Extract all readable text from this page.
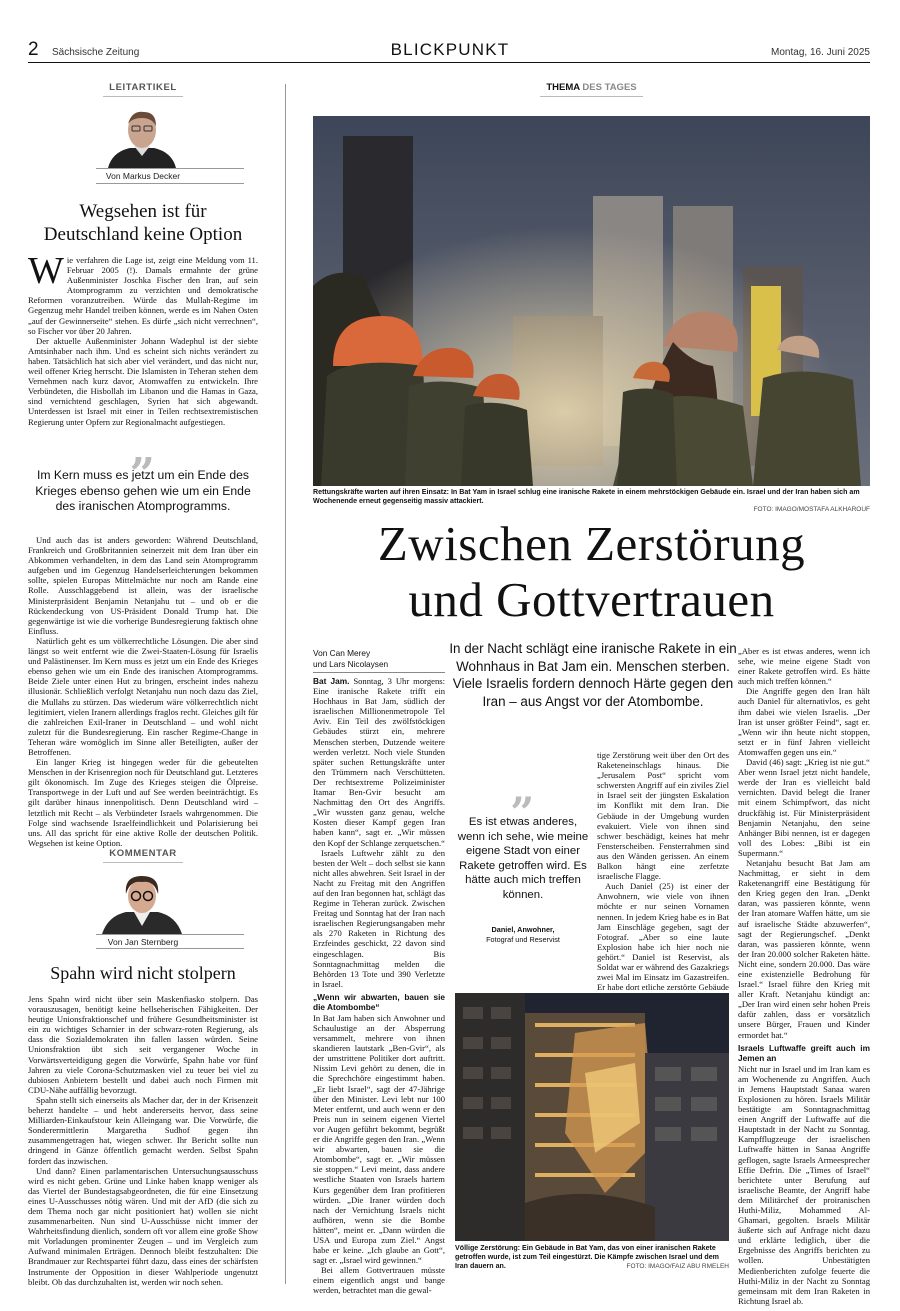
2 Sächsische Zeitung	BLICKPUNKT	Montag, 16. Juni 2025
LEITARTIKEL
Von Markus Decker
Wegsehen ist für Deutschland keine Option
W ie verfahren die Lage ist, zeigt eine Meldung vom 11. Februar 2005 (!). Damals ermahnte der grüne Außenminister Joschka Fischer den Iran, auf sein Atomprogramm zu verzichten und demokratische Reformen voranzutreiben. Würde das Mullah-Regime im Gegenzug mehr Handel treiben können, werde es im Nahen Osten „auf der Gewinnerseite“ stehen. Es dürfe „sich nicht verrechnen“, so Fischer vor über 20 Jahren.

Der aktuelle Außenminister Johann Wadephul ist der siebte Amtsinhaber nach ihm. Und es scheint sich nichts verändert zu haben. Tatsächlich hat sich aber viel verändert, und das nicht nur, weil offener Krieg herrscht. Die Islamisten in Teheran stehen dem Vernehmen nach kurz davor, Atomwaffen zu entwickeln. Ihre Verbündeten, die Hisbollah im Libanon und die Hamas in Gaza, sind vernichtend geschlagen, Syrien hat sich abgewandt. Unterdessen ist Israel mit einer in Teilen rechtsextremistischen Regierung unter Opfern zur Regionalmacht aufgestiegen.

„
Im Kern muss es jetzt um ein Ende des Krieges ebenso gehen wie um ein Ende des iranischen Atomprogramms.

Und auch das ist anders geworden: Während Deutschland, Frankreich und Großbritannien seinerzeit mit dem Iran über ein Abkommen verhandelten, in dem das Land sein Atomprogramm aufgeben und im Gegenzug Handelserleichterungen bekommen sollte, spielen Europas Mittelmächte nur noch am Rande eine Rolle. Ausschlaggebend ist allein, was der israelische Ministerpräsident Benjamin Netanjahu tut – und ob er die Rückendeckung von US-Präsident Donald Trump hat. Die gegenwärtige ist wie die vorherige Bundesregierung faktisch ohne Einfluss.

Natürlich geht es um völkerrechtliche Lösungen. Die aber sind längst so weit entfernt wie die Zwei-Staaten-Lösung für Israelis und Palästinenser. Im Kern muss es jetzt um ein Ende des Krieges ebenso gehen wie um ein Ende des iranischen Atomprogramms. Beide Ziele unter einen Hut zu bringen, erscheint indes nahezu illusionär. Schließlich verfolgt Netanjahu nun noch dazu das Ziel, die Mullahs zu stürzen. Das wiederum wäre völkerrechtlich nicht legitimiert, vielen Iranern allerdings fraglos recht. Gleiches gilt für die zahlreichen Exil-Iraner in Deutschland – und wohl nicht zuletzt für die Bundesregierung. Ein rascher Regime-Change in Teheran wäre womöglich im Sinne aller Beteiligten, außer der Betroffenen.

Ein langer Krieg ist hingegen weder für die gebeutelten Menschen in der Krisenregion noch für Deutschland gut. Letzteres gilt ökonomisch. Im Zuge des Krieges steigen die Ölpreise. Transportwege in der Luft und auf See werden beeinträchtigt. Es gilt darüber hinaus innenpolitisch. Denn Deutschland wird – letztlich mit Recht – als Verbündeter Israels wahrgenommen. Die Folge sind wachsende Israelfeindlichkeit und Polarisierung bei uns. All das spricht für eine aktive Rolle der deutschen Politik. Wegsehen ist keine Option.

KOMMENTAR
Von Jan Sternberg
Spahn wird nicht stolpern

Jens Spahn wird nicht über sein Maskenfiasko stolpern. Das vorauszusagen, benötigt keine hellseherischen Fähigkeiten. Der heutige Unionsfraktionschef und frühere Gesundheitsminister ist ein zu wichtiges Scharnier in der schwarz-roten Regierung, als dass die Sozialdemokraten ihn fallen lassen würden. Seine Unionsfraktion übt sich seit vergangener Woche in Vorwärtsverteidigung gegen die Vorwürfe, Spahn habe vor fünf Jahren zu viele Corona-Schutzmasken viel zu teuer bei viel zu dubiosen Anbietern bestellt und dabei auch noch Firmen mit CDU-Nähe auffällig bevorzugt.

Spahn stellt sich einerseits als Macher dar, der in der Krisenzeit beherzt handelte – und hebt andererseits hervor, dass seine Milliarden-Einkaufstour kein Alleingang war. Die Vorwürfe, die Sonderermittlerin Margaretha Sudhof gegen ihn zusammengetragen hat, wiegen schwer. Ihr Bericht sollte nun dringend in Gänze öffentlich gemacht werden. Selbst Spahn fordert das inzwischen.

Und dann? Einen parlamentarischen Untersuchungsausschuss wird es nicht geben. Grüne und Linke haben knapp weniger als das Viertel der Bundestagsabgeordneten, die für eine Einsetzung eines U-Ausschusses nötig wären. Und mit der AfD (die sich zu dem Thema noch gar nicht positioniert hat) wollen sie nicht zusammenarbeiten. Nun sind U-Ausschüsse nicht immer der Wahrheitsfindung dienlich, sondern oft vor allem eine große Show mit Vorladungen prominenter Zeugen – und im Vergleich zum Aufwand minimalen Erträgen. Dennoch bleibt festzuhalten: Die Brandmauer zur Rechtspartei führt dazu, dass eines der schärfsten Instrumente der Opposition in dieser Wahlperiode ungenutzt bleibt. Ob das durchzuhalten ist, werden wir noch sehen.

THEMA DES TAGES
Rettungskräfte warten auf ihren Einsatz: In Bat Yam in Israel schlug eine iranische Rakete in einem mehrstöckigen Gebäude ein. Israel und der Iran haben sich am Wochenende erneut gegenseitig massiv attackiert.
FOTO: IMAGO/MOSTAFA ALKHAROUF
Zwischen Zerstörung
und Gottvertrauen
Von Can Merey
und Lars Nicolaysen
In der Nacht schlägt eine iranische Rakete in ein Wohnhaus in Bat Jam ein. Menschen sterben. Viele Israelis fordern dennoch Härte gegen den Iran – aus Angst vor der Atombombe.

Bat Jam. Sonntag, 3 Uhr morgens: Eine iranische Rakete trifft ein Hochhaus in Bat Jam, südlich der israelischen Millionenmetropole Tel Aviv. Ein Teil des zwölfstöckigen Gebäudes stürzt ein, mehrere Menschen sterben, Dutzende weitere werden verletzt. Noch viele Stunden später suchen Rettungskräfte unter den Trümmern nach Verschütteten. Der rechtsextreme Polizeiminister Itamar Ben-Gvir besucht am Nachmittag den Ort des Angriffs. „Wir wussten ganz genau, welche Kosten dieser Kampf gegen Iran haben kann“, sagt er. „Wir müssen den Kopf der Schlange zerquetschen.“

Israels Luftwehr zählt zu den besten der Welt – doch selbst sie kann nicht alles abwehren. Seit Israel in der Nacht zu Freitag mit den Angriffen auf den Iran begonnen hat, schlägt das Regime in Teheran zurück. Zwischen Freitag und Sonntag hat der Iran nach israelischen Regierungsangaben mehr als 270 Raketen in Richtung des Erzfeindes geschickt, 22 davon sind eingeschlagen. Bis Sonntagnachmittag melden die Behörden 13 Tote und 390 Verletzte in Israel.

„Wenn wir abwarten, bauen sie die Atombombe“

In Bat Jam haben sich Anwohner und Schaulustige an der Absperrung versammelt, mehrere von ihnen skandieren lautstark „Ben-Gvir“, als der umstrittene Politiker dort auftritt. Nissim Levi gehört zu denen, die in die Sprechchöre eingestimmt haben. „Er liebt Israel“, sagt der 47-Jährige über den Minister. Levi lebt nur 100 Meter entfernt, und auch wenn er den Preis nun in seinem eigenen Viertel vor Augen geführt bekommt, begrüßt er die Angriffe gegen den Iran. „Wenn wir abwarten, bauen sie die Atombombe“, sagt er. „Wir müssen sie stoppen.“ Levi meint, dass andere westliche Staaten von Israels hartem Kurs gegenüber dem Iran profitieren würden. „Die Iraner würden doch nach der Vernichtung Israels nicht aufhören, wenn sie die Bombe hätten“, meint er. „Dann würden die USA und Europa zum Ziel.“ Angst habe er keine. „Ich glaube an Gott“, sagt er. „Israel wird gewinnen.“

Bei allem Gottvertrauen müsste einem eigentlich angst und bange werden, betrachtet man die gewal-

„
Es ist etwas anderes, wenn ich sehe, wie meine eigene Stadt von einer Rakete getroffen wird. Es hätte auch mich treffen können.
Daniel, Anwohner,
Fotograf und Reservist

tige Zerstörung weit über den Ort des Raketeneinschlags hinaus. Die „Jerusalem Post“ spricht vom schwersten Angriff auf ein ziviles Ziel in Israel seit der jüngsten Eskalation im Konflikt mit dem Iran. Die Gebäude in der Umgebung wurden evakuiert. Viele von ihnen sind schwer beschädigt, keines hat mehr Fensterscheiben. Fensterrahmen sind aus den Wänden gerissen. An einem Balkon hängt eine zerfetzte israelische Flagge.

Auch Daniel (25) ist einer der Anwohnern, wie viele von ihnen möchte er nur seinen Vornamen nennen. In jedem Krieg habe es in Bat Jam Einschläge gegeben, sagt der Fotograf. „Aber so eine laute Explosion habe ich hier noch nie gehört.“ Daniel ist Reservist, als Soldat war er während des Gazakriegs zwei Mal im Einsatz im Gazastreifen. Er habe dort etliche zerstörte Gebäude

„Aber es ist etwas anderes, wenn ich sehe, wie meine eigene Stadt von einer Rakete getroffen wird. Es hätte auch mich treffen können.“

Die Angriffe gegen den Iran hält auch Daniel für alternativlos, es geht ihm dabei wie vielen Israelis. „Der Iran ist unser größter Feind“, sagt er. „Wenn wir ihn heute nicht stoppen, setzt er in fünf Jahren vielleicht Atomwaffen gegen uns ein.“

David (46) sagt: „Krieg ist nie gut.“ Aber wenn Israel jetzt nicht handele, werde der Iran es vielleicht bald vernichten. David belegt die Iraner mit einem Schimpfwort, das nicht druckfähig ist. Für Ministerpräsident Benjamin Netanjahu, den seine Anhänger Bibi nennen, ist er dagegen voll des Lobes: „Bibi ist ein Supermann.“

Netanjahu besucht Bat Jam am Nachmittag, er sieht in dem Raketenangriff eine Bestätigung für den Krieg gegen den Iran. „Denkt daran, was passieren könnte, wenn der Iran atomare Waffen hätte, um sie auf israelische Städte abzuwerfen“, sagt der Regierungschef. „Denkt daran, was passieren könnte, wenn der Iran 20.000 solcher Raketen hätte. Nicht eine, sondern 20.000. Das wäre eine existenzielle Bedrohung für Israel.“ Israel führe den Krieg mit aller Kraft. Netanjahu kündigt an: „Der Iran wird einen sehr hohen Preis dafür zahlen, dass er vorsätzlich unsere Bürger, Frauen und Kinder ermordet hat.“

Israels Luftwaffe greift auch im Jemen an

Nicht nur in Israel und im Iran kam es am Wochenende zu Angriffen. Auch in Jemens Hauptstadt Sanaa waren Explosionen zu hören. Israels Militär bestätigte am Sonntagnachmittag einen Angriff der Luftwaffe auf die Hauptstadt in der Nacht zu Sonntag. Kampfflugzeuge der israelischen Luftwaffe hätten in Sanaa Angriffe geflogen, sagte Israels Armeesprecher Effie Defrin. Die „Times of Israel“ berichtete unter Berufung auf israelische Beamte, der Angriff habe dem Militärchef der proiranischen Huthi-Miliz, Mohammed Al-Ghamari, gegolten. Israels Militär äußerte sich auf Anfrage nicht dazu und erklärte lediglich, über die Ergebnisse des Angriffs berichten zu wollen. Unbestätigten Medienberichten zufolge feuerte die Huthi-Miliz in der Nacht zu Sonntag gemeinsam mit dem Iran Raketen in Richtung Israel ab.

Völlige Zerstörung: Ein Gebäude in Bat Yam, das von einer iranischen Rakete getroffen wurde, ist zum Teil eingestürzt. Die Kämpfe zwischen Israel und dem Iran dauern an.	FOTO: IMAGO/FAIZ ABU RMELEH
